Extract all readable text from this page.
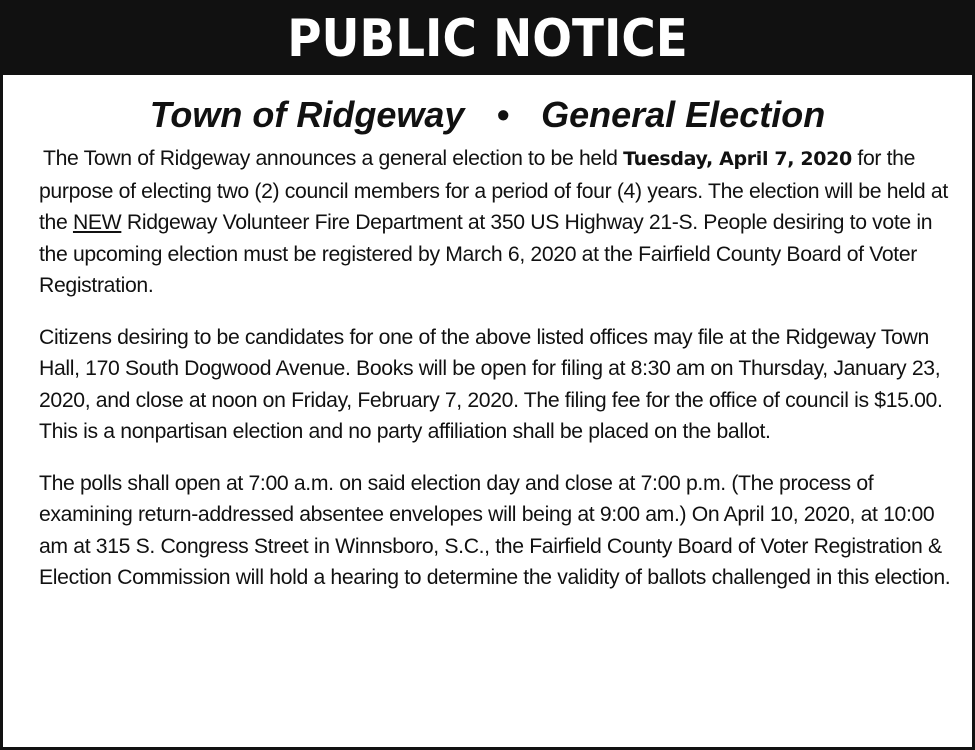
PUBLIC NOTICE
Town of Ridgeway • General Election

The Town of Ridgeway announces a general election to be held Tuesday, April 7, 2020 for the purpose of electing two (2) council members for a period of four (4) years. The election will be held at the NEW Ridgeway Volunteer Fire Department at 350 US Highway 21-S. People desiring to vote in the upcoming election must be registered by March 6, 2020 at the Fairfield County Board of Voter Registration.

Citizens desiring to be candidates for one of the above listed offices may file at the Ridgeway Town Hall, 170 South Dogwood Avenue. Books will be open for filing at 8:30 am on Thursday, January 23, 2020, and close at noon on Friday, February 7, 2020. The filing fee for the office of council is $15.00. This is a nonpartisan election and no party affiliation shall be placed on the ballot.

The polls shall open at 7:00 a.m. on said election day and close at 7:00 p.m. (The process of examining return-addressed absentee envelopes will being at 9:00 am.) On April 10, 2020, at 10:00 am at 315 S. Congress Street in Winnsboro, S.C., the Fairfield County Board of Voter Registration & Election Commission will hold a hearing to determine the validity of ballots challenged in this election.
